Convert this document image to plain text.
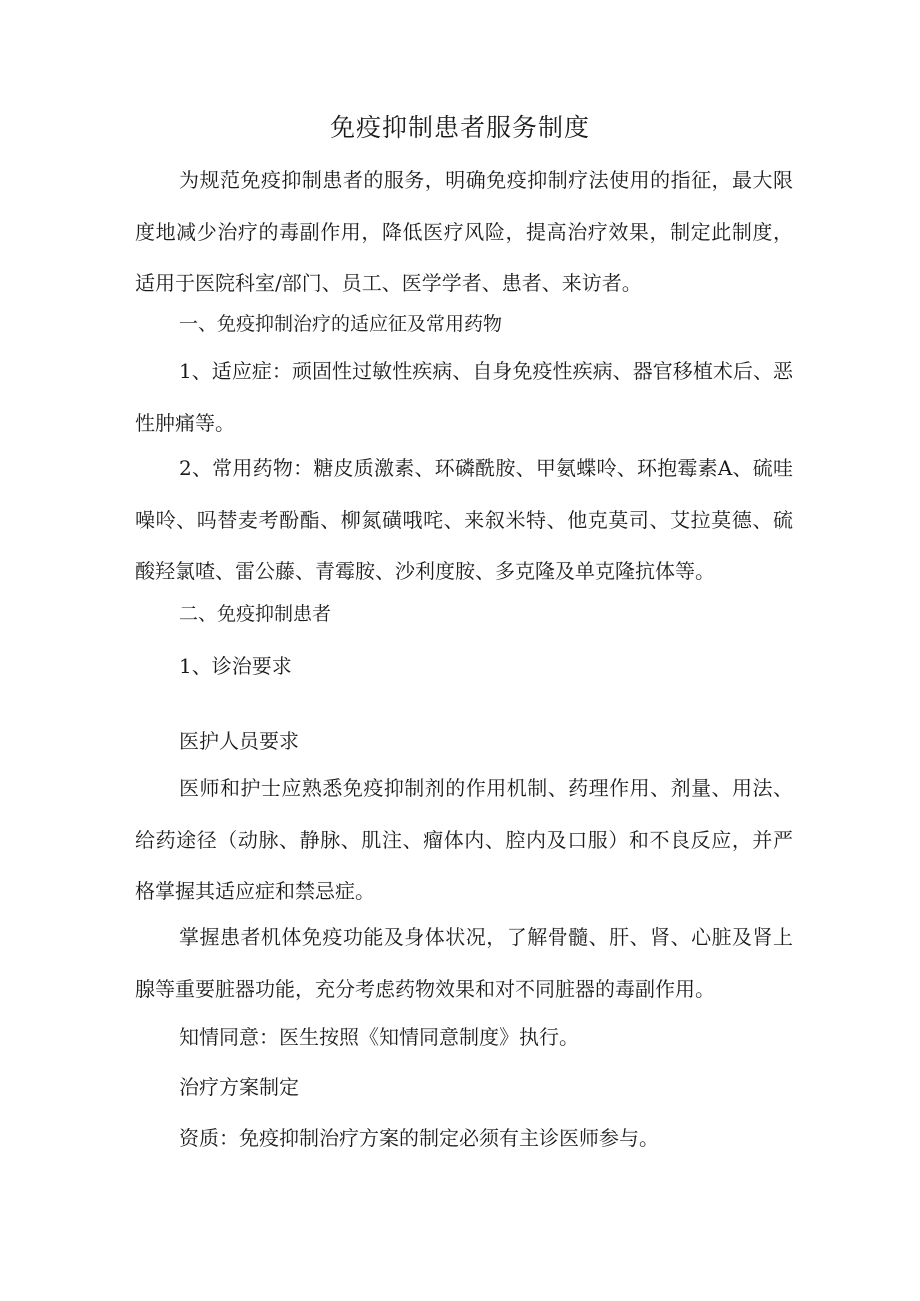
免疫抑制患者服务制度

为规范免疫抑制患者的服务，明确免疫抑制疗法使用的指征，最大限度地减少治疗的毒副作用，降低医疗风险，提高治疗效果，制定此制度，适用于医院科室/部门、员工、医学学者、患者、来访者。

一、免疫抑制治疗的适应征及常用药物

1、适应症：顽固性过敏性疾病、自身免疫性疾病、器官移植术后、恶性肿痛等。

2、常用药物：糖皮质激素、环磷酰胺、甲氨蝶呤、环抱霉素A、硫哇噪呤、吗替麦考酚酯、柳氮磺哦咤、来叙米特、他克莫司、艾拉莫德、硫酸羟氯喳、雷公藤、青霉胺、沙利度胺、多克隆及单克隆抗体等。

二、免疫抑制患者

1、诊治要求

医护人员要求

医师和护士应熟悉免疫抑制剂的作用机制、药理作用、剂量、用法、给药途径（动脉、静脉、肌注、瘤体内、腔内及口服）和不良反应，并严格掌握其适应症和禁忌症。

掌握患者机体免疫功能及身体状况，了解骨髓、肝、肾、心脏及肾上腺等重要脏器功能，充分考虑药物效果和对不同脏器的毒副作用。

知情同意：医生按照《知情同意制度》执行。

治疗方案制定

资质：免疫抑制治疗方案的制定必须有主诊医师参与。
